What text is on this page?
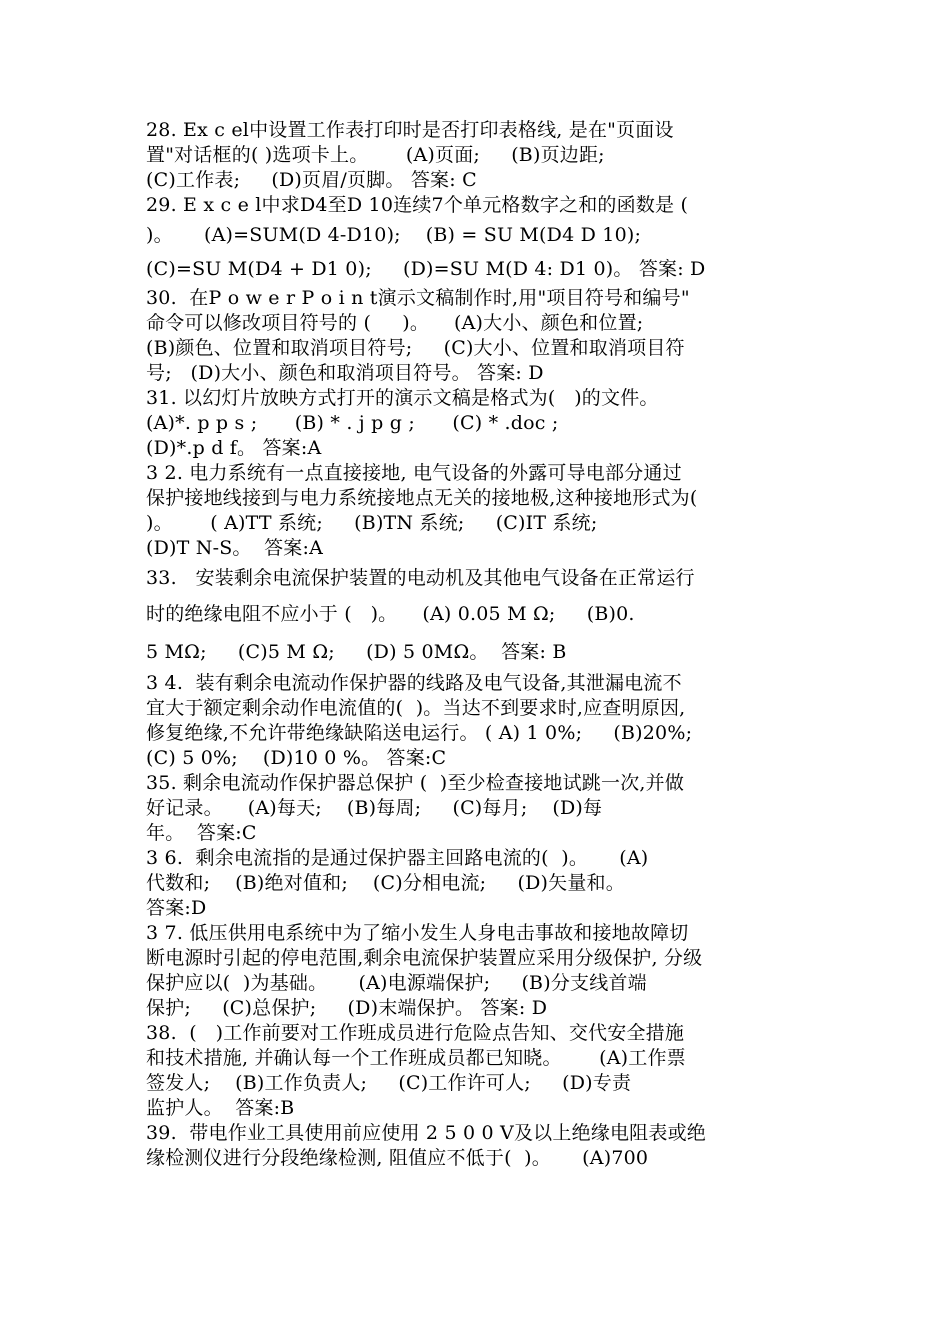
28. Ex c el中设置工作表打印时是否打印表格线, 是在"页面设
置"对话框的( )选项卡上。      (A)页面;     (B)页边距;
(C)工作表;     (D)页眉/页脚。 答案: C
29. E x c e l中求D4至D 10连续7个单元格数字之和的函数是 (
)。     (A)=SUM(D 4-D10);    (B) = SU M(D4 D 10);
(C)=SU M(D4 + D1 0);     (D)=SU M(D 4: D1 0)。 答案: D
30.  在P o w e r P o i n t演示文稿制作时,用"项目符号和编号"
命令可以修改项目符号的 (     )。    (A)大小、颜色和位置;
(B)颜色、位置和取消项目符号;     (C)大小、位置和取消项目符
号;   (D)大小、颜色和取消项目符号。 答案: D
31. 以幻灯片放映方式打开的演示文稿是格式为(   )的文件。
(A)*. p p s ;      (B) * . j p g ;      (C) * .doc ;
(D)*.p d f。 答案:A
3 2. 电力系统有一点直接接地, 电气设备的外露可导电部分通过
保护接地线接到与电力系统接地点无关的接地极,这种接地形式为(
)。      ( A)TT 系统;     (B)TN 系统;     (C)IT 系统;
(D)T N-S。  答案:A
33.   安装剩余电流保护装置的电动机及其他电气设备在正常运行
时的绝缘电阻不应小于 (   )。    (A) 0.05 M Ω;     (B)0.
5 MΩ;     (C)5 M Ω;     (D) 5 0MΩ。  答案: B
3 4.  装有剩余电流动作保护器的线路及电气设备,其泄漏电流不
宜大于额定剩余动作电流值的(  )。当达不到要求时,应查明原因,
修复绝缘,不允许带绝缘缺陷送电运行。 ( A) 1 0%;     (B)20%;
(C) 5 0%;    (D)10 0 %。 答案:C
35. 剩余电流动作保护器总保护 (  )至少检查接地试跳一次,并做
好记录。    (A)每天;    (B)每周;     (C)每月;    (D)每
年。  答案:C
3 6.  剩余电流指的是通过保护器主回路电流的(  )。     (A)
代数和;    (B)绝对值和;    (C)分相电流;     (D)矢量和。
答案:D
3 7. 低压供用电系统中为了缩小发生人身电击事故和接地故障切
断电源时引起的停电范围,剩余电流保护装置应采用分级保护, 分级
保护应以(  )为基础。     (A)电源端保护;     (B)分支线首端
保护;     (C)总保护;     (D)末端保护。 答案: D
38.  (   )工作前要对工作班成员进行危险点告知、交代安全措施
和技术措施, 并确认每一个工作班成员都已知晓。      (A)工作票
签发人;    (B)工作负责人;     (C)工作许可人;     (D)专责
监护人。  答案:B
39.  带电作业工具使用前应使用 2 5 0 0 V及以上绝缘电阻表或绝
缘检测仪进行分段绝缘检测, 阻值应不低于(  )。     (A)700
